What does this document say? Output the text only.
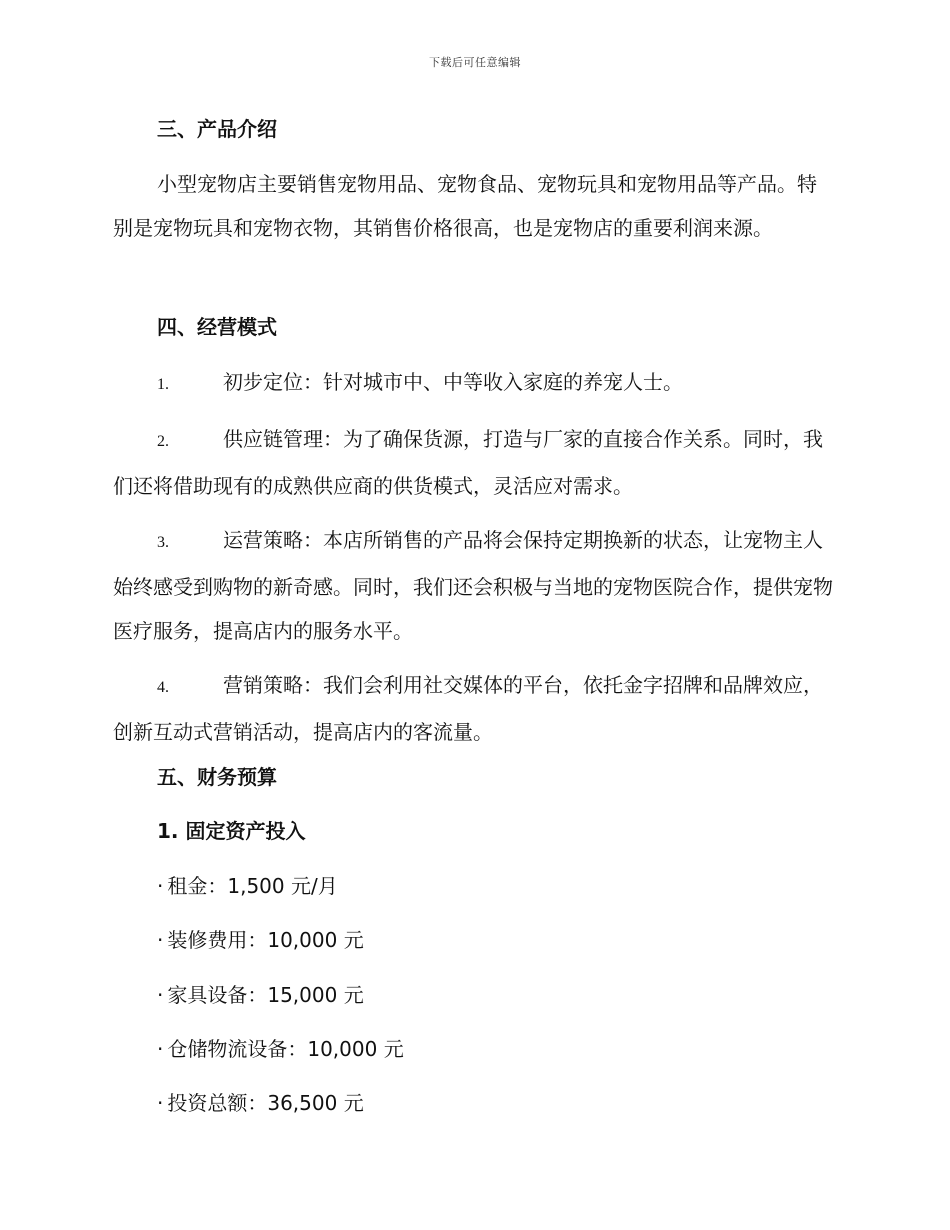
下载后可任意编辑
三、产品介绍

小型宠物店主要销售宠物用品、宠物食品、宠物玩具和宠物用品等产品。特别是宠物玩具和宠物衣物，其销售价格很高，也是宠物店的重要利润来源。

四、经营模式

1.	初步定位：针对城市中、中等收入家庭的养宠人士。

2.	供应链管理：为了确保货源，打造与厂家的直接合作关系。同时，我们还将借助现有的成熟供应商的供货模式，灵活应对需求。

3.	运营策略：本店所销售的产品将会保持定期换新的状态，让宠物主人始终感受到购物的新奇感。同时，我们还会积极与当地的宠物医院合作，提供宠物医疗服务，提高店内的服务水平。

4.	营销策略：我们会利用社交媒体的平台，依托金字招牌和品牌效应，创新互动式营销活动，提高店内的客流量。

五、财务预算
1. 固定资产投入
· 租金：1,500 元/月
· 装修费用：10,000 元
· 家具设备：15,000 元
· 仓储物流设备：10,000 元
· 投资总额：36,500 元
